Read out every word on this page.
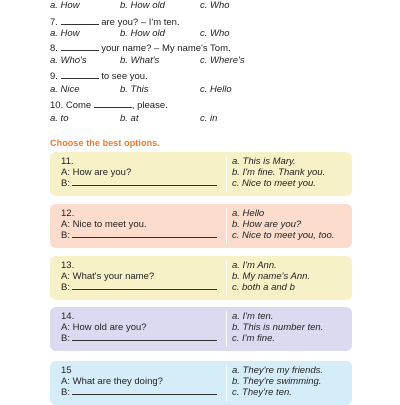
a. How	b. How old	c. Who
7.	are you? – I'm ten.
a. How	b. How old	c. Who
8.	your name? – My name's Tom.
a. Who's	b. What's	c. Where's
9.	to see you.
a. Nice	b. This	c. Hello
10. Come	, please.
a. to	b. at	c. in
Choose the best options.
11.
A: How are you?
B:
a. This is Mary.
b. I'm fine. Thank you.
c. Nice to meet you.
12.
A: Nice to meet you.
B:
a. Hello
b. How are you?
c. Nice to meet you, too.
13.
A: What's your name?
B:
a. I'm Ann.
b. My name's Ann.
c. both a and b
14.
A: How old are you?
B:
a. I'm ten.
b. This is number ten.
c. I'm fine.
15
A: What are they doing?
B:
a. They're my friends.
b. They're swimming.
c. They're ten.
